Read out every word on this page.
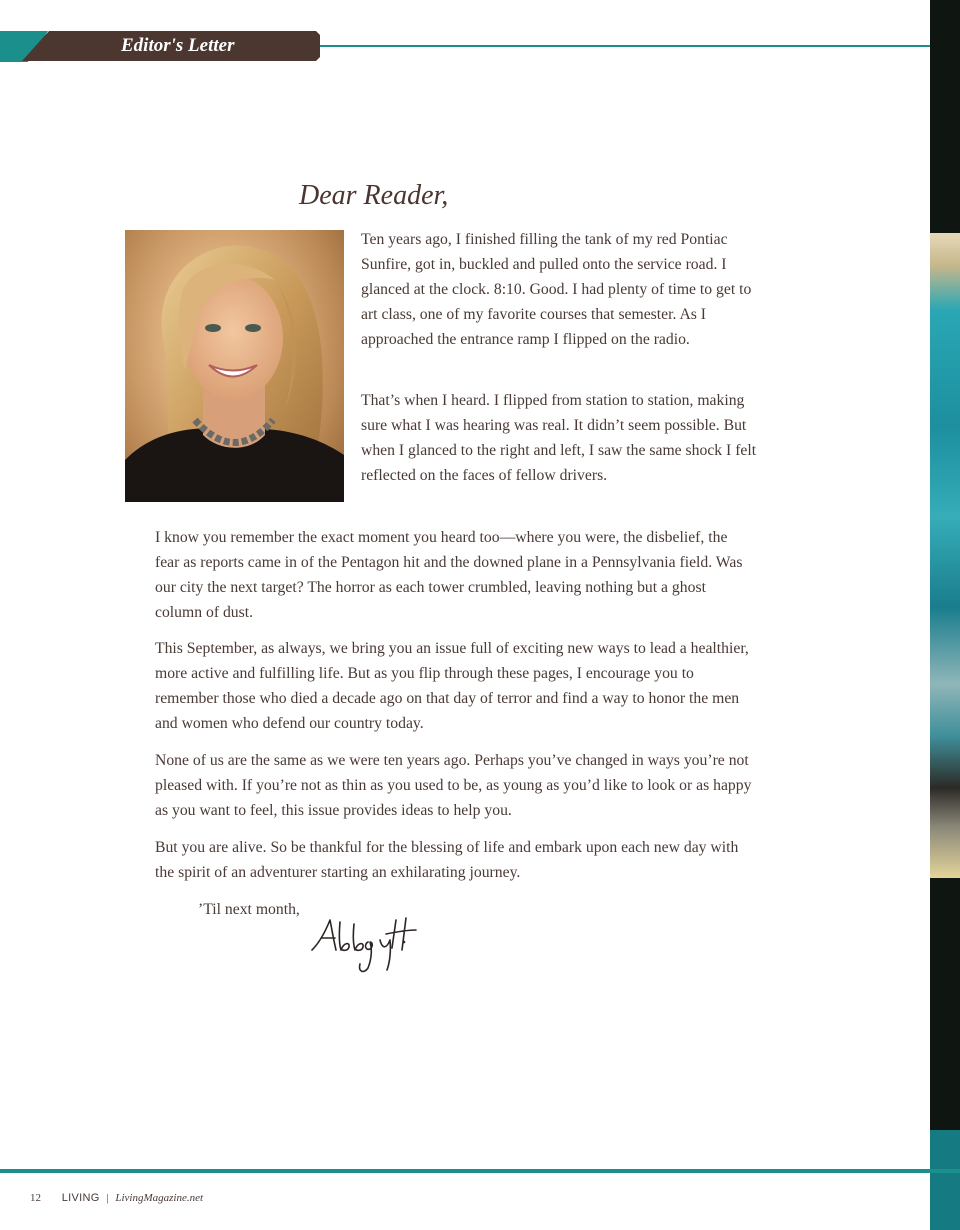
Editor's Letter
Dear Reader,

Ten years ago, I finished filling the tank of my red Pontiac Sunfire, got in, buckled and pulled onto the service road. I glanced at the clock. 8:10. Good. I had plenty of time to get to art class, one of my favorite courses that semester. As I approached the entrance ramp I flipped on the radio.

That’s when I heard. I flipped from station to station, making sure what I was hearing was real. It didn’t seem possible. But when I glanced to the right and left, I saw the same shock I felt reflected on the faces of fellow drivers.

I know you remember the exact moment you heard too—where you were, the disbelief, the fear as reports came in of the Pentagon hit and the downed plane in a Pennsylvania field. Was our city the next target? The horror as each tower crumbled, leaving nothing but a ghost column of dust.

This September, as always, we bring you an issue full of exciting new ways to lead a healthier, more active and fulfilling life. But as you flip through these pages, I encourage you to remember those who died a decade ago on that day of terror and find a way to honor the men and women who defend our country today.

None of us are the same as we were ten years ago. Perhaps you’ve changed in ways you’re not pleased with. If you’re not as thin as you used to be, as young as you’d like to look or as happy as you want to feel, this issue provides ideas to help you.

But you are alive. So be thankful for the blessing of life and embark upon each new day with the spirit of an adventurer starting an exhilarating journey.

’Til next month,
12 LIVING | LivingMagazine.net
